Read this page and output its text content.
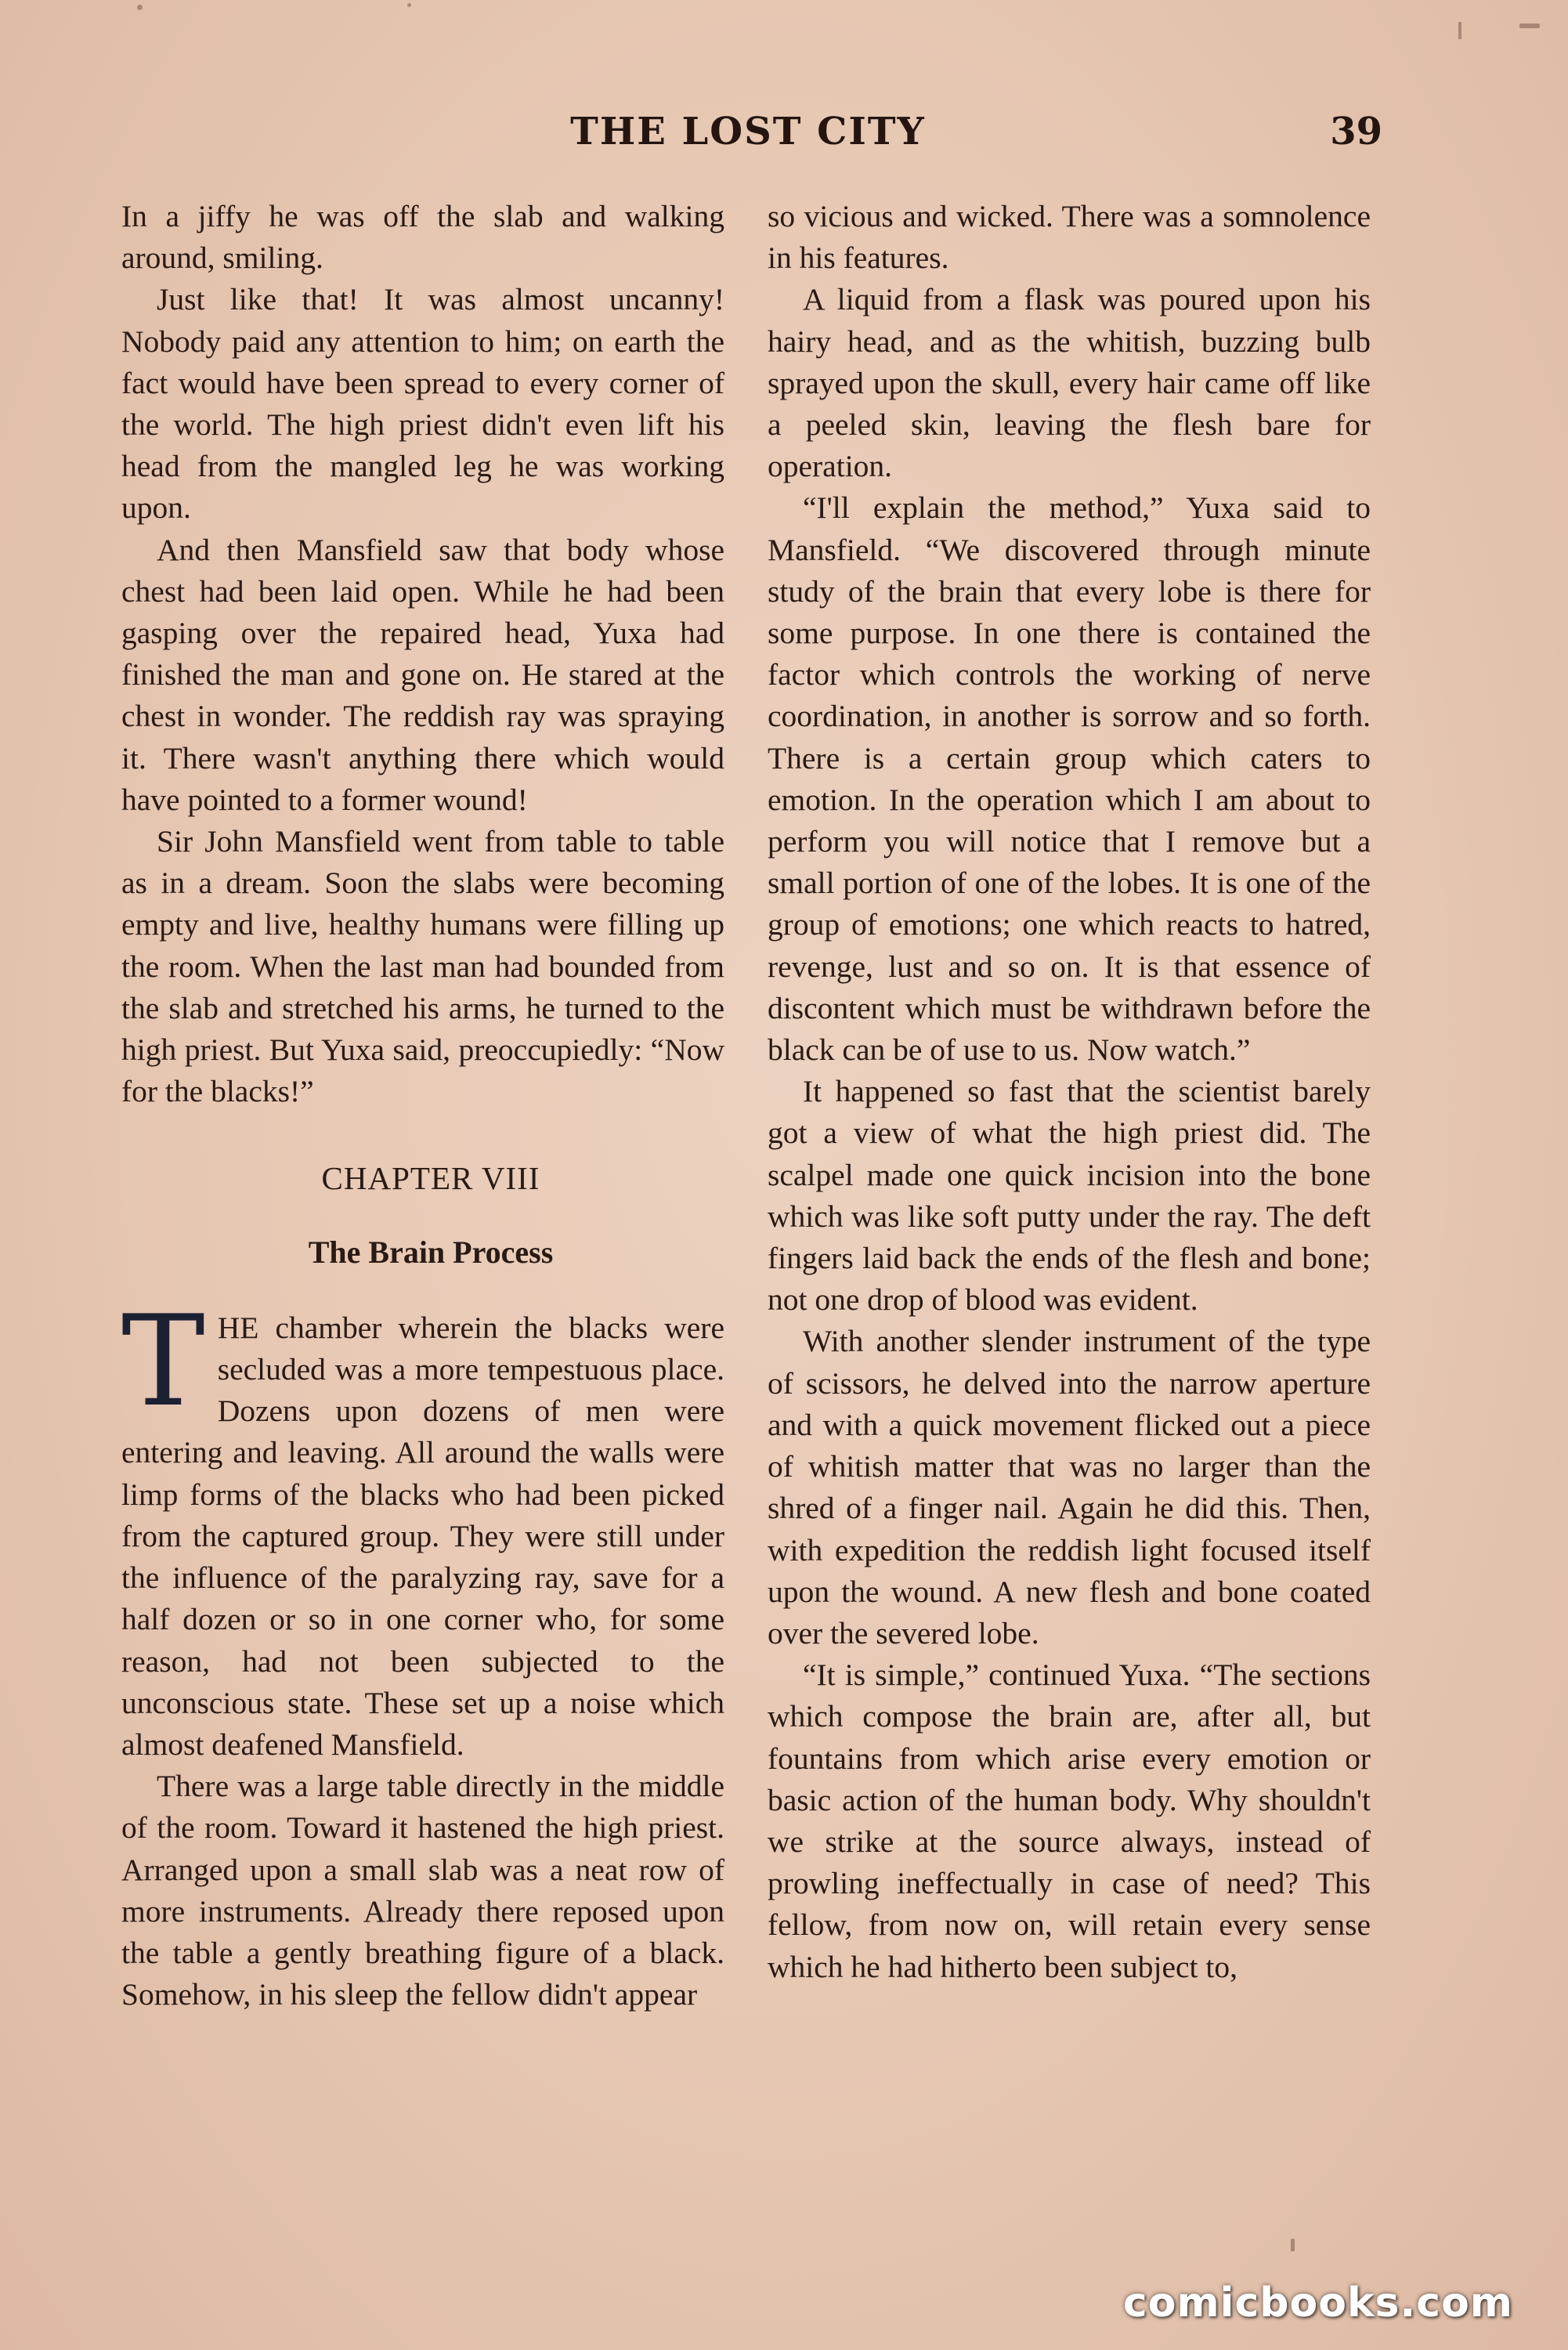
THE LOST CITY	39

In a jiffy he was off the slab and walking around, smiling.

Just like that! It was almost uncanny! Nobody paid any attention to him; on earth the fact would have been spread to every corner of the world. The high priest didn't even lift his head from the mangled leg he was working upon.

And then Mansfield saw that body whose chest had been laid open. While he had been gasping over the repaired head, Yuxa had finished the man and gone on. He stared at the chest in wonder. The reddish ray was spraying it. There wasn't anything there which would have pointed to a former wound!

Sir John Mansfield went from table to table as in a dream. Soon the slabs were becoming empty and live, healthy humans were filling up the room. When the last man had bounded from the slab and stretched his arms, he turned to the high priest. But Yuxa said, preoccupiedly: “Now for the blacks!”

CHAPTER VIII
The Brain Process

THE chamber wherein the blacks were secluded was a more tempestuous place. Dozens upon dozens of men were entering and leaving. All around the walls were limp forms of the blacks who had been picked from the captured group. They were still under the influence of the paralyzing ray, save for a half dozen or so in one corner who, for some reason, had not been subjected to the unconscious state. These set up a noise which almost deafened Mansfield.

There was a large table directly in the middle of the room. Toward it hastened the high priest. Arranged upon a small slab was a neat row of more instruments. Already there reposed upon the table a gently breathing figure of a black. Somehow, in his sleep the fellow didn't appear

so vicious and wicked. There was a somnolence in his features.

A liquid from a flask was poured upon his hairy head, and as the whitish, buzzing bulb sprayed upon the skull, every hair came off like a peeled skin, leaving the flesh bare for operation.

“I'll explain the method,” Yuxa said to Mansfield. “We discovered through minute study of the brain that every lobe is there for some purpose. In one there is contained the factor which controls the working of nerve coordination, in another is sorrow and so forth. There is a certain group which caters to emotion. In the operation which I am about to perform you will notice that I remove but a small portion of one of the lobes. It is one of the group of emotions; one which reacts to hatred, revenge, lust and so on. It is that essence of discontent which must be withdrawn before the black can be of use to us. Now watch.”

It happened so fast that the scientist barely got a view of what the high priest did. The scalpel made one quick incision into the bone which was like soft putty under the ray. The deft fingers laid back the ends of the flesh and bone; not one drop of blood was evident.

With another slender instrument of the type of scissors, he delved into the narrow aperture and with a quick movement flicked out a piece of whitish matter that was no larger than the shred of a finger nail. Again he did this. Then, with expedition the reddish light focused itself upon the wound. A new flesh and bone coated over the severed lobe.

“It is simple,” continued Yuxa. “The sections which compose the brain are, after all, but fountains from which arise every emotion or basic action of the human body. Why shouldn't we strike at the source always, instead of prowling ineffectually in case of need? This fellow, from now on, will retain every sense which he had hitherto been subject to,

comicbooks.com
